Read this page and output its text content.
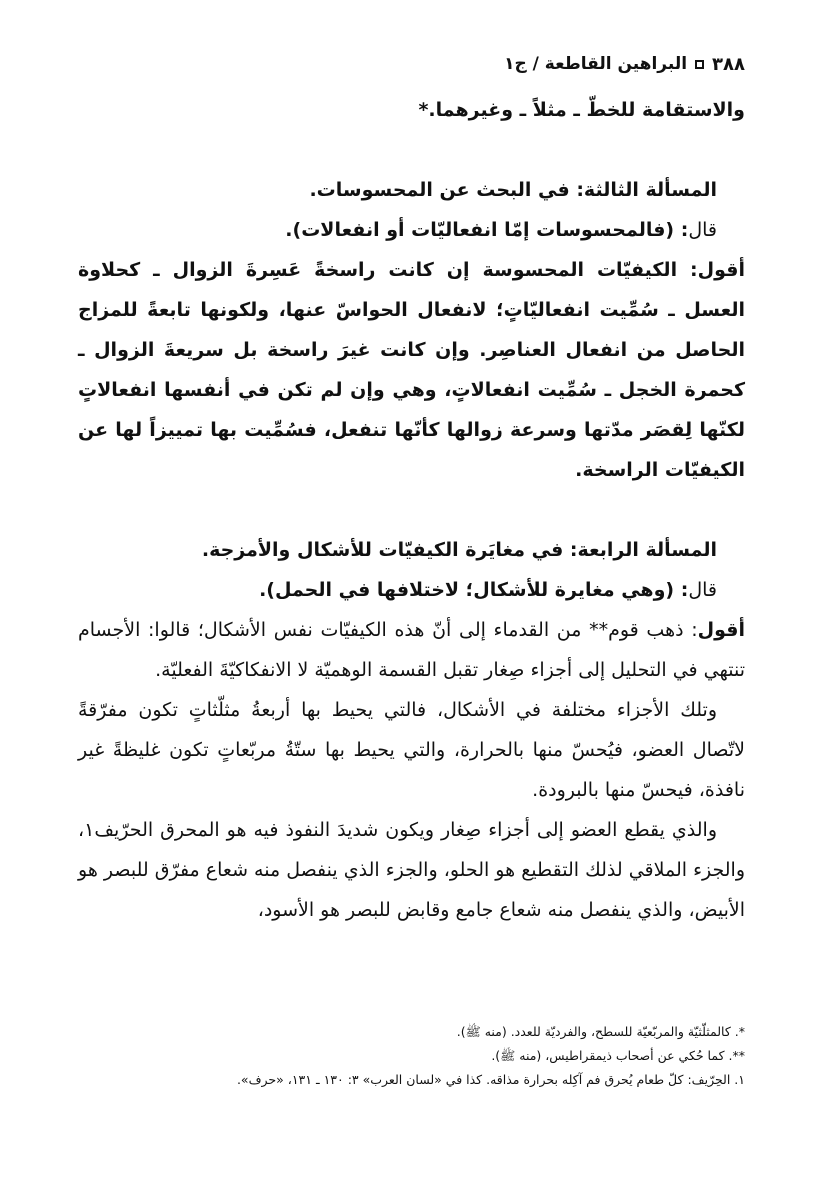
٣٨٨
البراهين القاطعة / ج١

والاستقامة للخطّ ـ مثلاً ـ وغيرهما.*

المسألة الثالثة: في البحث عن المحسوسات.

قال: (فالمحسوسات إمّا انفعاليّات أو انفعالات).

أقول: الكيفيّات المحسوسة إن كانت راسخةً عَسِرةَ الزوال ـ كحلاوة العسل ـ سُمِّيت انفعاليّاتٍ؛ لانفعال الحواسّ عنها، ولكونها تابعةً للمزاج الحاصل من انفعال العناصِر. وإن كانت غيرَ راسخة بل سريعةَ الزوال ـ كحمرة الخجل ـ سُمِّيت انفعالاتٍ، وهي وإن لم تكن في أنفسها انفعالاتٍ لكنّها لِقصَر مدّتها وسرعة زوالها كأنّها تنفعل، فسُمِّيت بها تمييزاً لها عن الكيفيّات الراسخة.

المسألة الرابعة: في مغايَرة الكيفيّات للأشكال والأمزجة.

قال: (وهي مغايرة للأشكال؛ لاختلافها في الحمل).

أقول: ذهب قوم** من القدماء إلى أنّ هذه الكيفيّات نفس الأشكال؛ قالوا: الأجسام تنتهي في التحليل إلى أجزاء صِغار تقبل القسمة الوهميّة لا الانفكاكيّةَ الفعليّة.

وتلك الأجزاء مختلفة في الأشكال، فالتي يحيط بها أربعةُ مثلّثاتٍ تكون مفرّقةً لاتّصال العضو، فيُحسّ منها بالحرارة، والتي يحيط بها ستّةُ مربّعاتٍ تكون غليظةً غير نافذة، فيحسّ منها بالبرودة.

والذي يقطع العضو إلى أجزاء صِغار ويكون شديدَ النفوذ فيه هو المحرق الحرّيف١، والجزء الملاقي لذلك التقطيع هو الحلو، والجزء الذي ينفصل منه شعاع مفرّق للبصر هو الأبيض، والذي ينفصل منه شعاع جامع وقابض للبصر هو الأسود،

*. كالمثلّثيّة والمربّعيّة للسطح، والفرديّة للعدد. (منه ﷺ).

**. كما حُكي عن أصحاب ذيمقراطيس، (منه ﷺ).

١. الحِرّيف: كلّ طعام يُحرق فم آكِله بحرارة مذاقه. كذا في «لسان العرب» ٣: ١٣٠ ـ ١٣١، «حرف».
